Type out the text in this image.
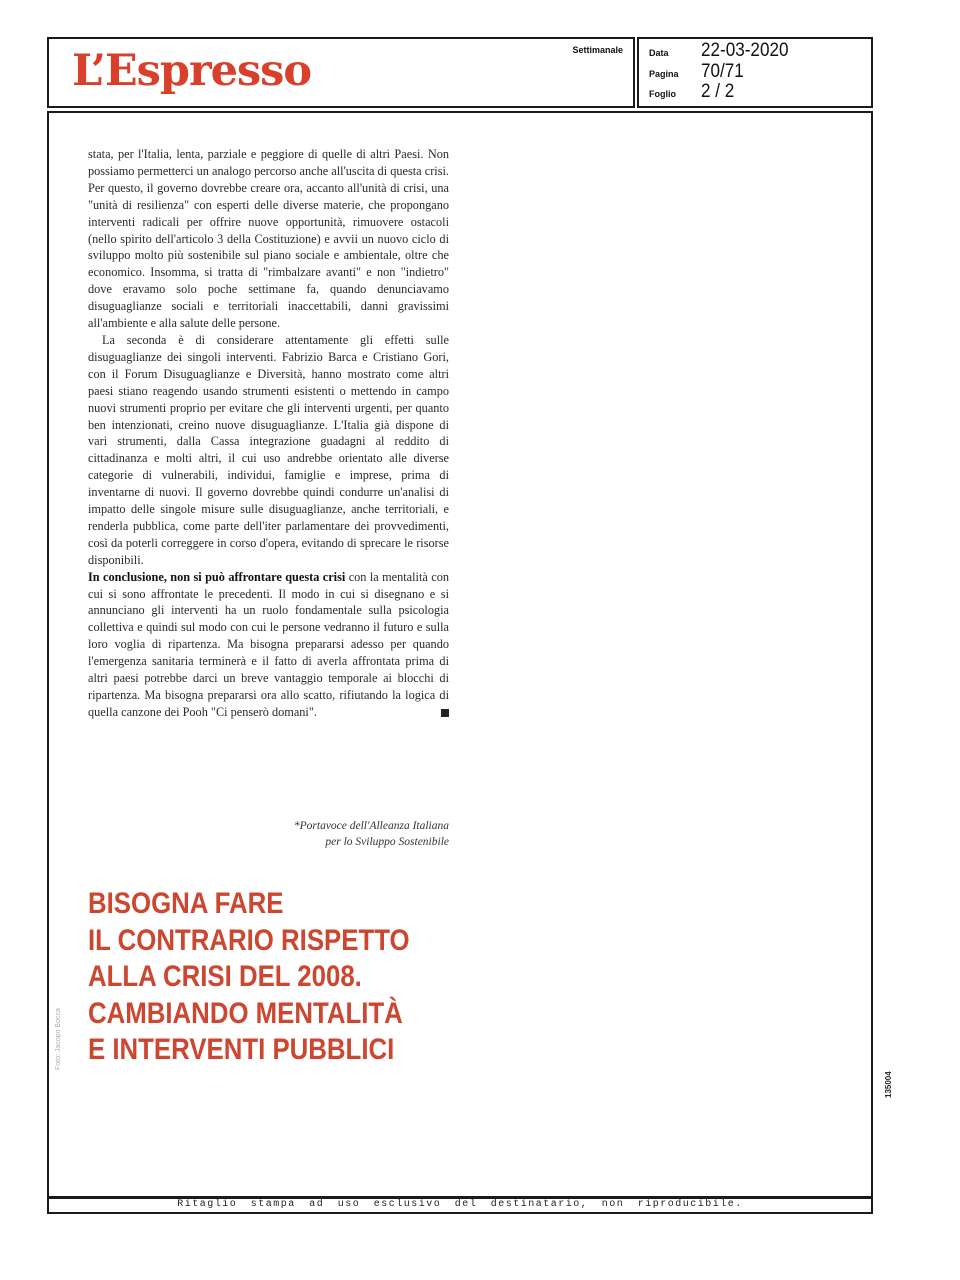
Settimanale
L’Espresso	Data	22-03-2020
Pagina	70/71
Foglio	2 / 2

stata, per l'Italia, lenta, parziale e peggiore di quelle di altri Paesi. Non possiamo permetterci un analogo percorso anche all'uscita di questa crisi. Per questo, il governo dovrebbe creare ora, accanto all'unità di crisi, una "unità di resilienza" con esperti delle diverse materie, che propongano interventi radicali per offrire nuove opportunità, rimuovere ostacoli (nello spirito dell'articolo 3 della Costituzione) e avvii un nuovo ciclo di sviluppo molto più sostenibile sul piano sociale e ambientale, oltre che economico. Insomma, si tratta di "rimbalzare avanti" e non "indietro" dove eravamo solo poche settimane fa, quando denunciavamo disuguaglianze sociali e territoriali inaccettabili, danni gravissimi all'ambiente e alla salute delle persone.

La seconda è di considerare attentamente gli effetti sulle disuguaglianze dei singoli interventi. Fabrizio Barca e Cristiano Gori, con il Forum Disuguaglianze e Diversità, hanno mostrato come altri paesi stiano reagendo usando strumenti esistenti o mettendo in campo nuovi strumenti proprio per evitare che gli interventi urgenti, per quanto ben intenzionati, creino nuove disuguaglianze. L'Italia già dispone di vari strumenti, dalla Cassa integrazione guadagni al reddito di cittadinanza e molti altri, il cui uso andrebbe orientato alle diverse categorie di vulnerabili, individui, famiglie e imprese, prima di inventarne di nuovi. Il governo dovrebbe quindi condurre un'analisi di impatto delle singole misure sulle disuguaglianze, anche territoriali, e renderla pubblica, come parte dell'iter parlamentare dei provvedimenti, così da poterli correggere in corso d'opera, evitando di sprecare le risorse disponibili.

In conclusione, non si può affrontare questa crisi con la mentalità con cui si sono affrontate le precedenti. Il modo in cui si disegnano e si annunciano gli interventi ha un ruolo fondamentale sulla psicologia collettiva e quindi sul modo con cui le persone vedranno il futuro e sulla loro voglia di ripartenza. Ma bisogna prepararsi adesso per quando l'emergenza sanitaria terminerà e il fatto di averla affrontata prima di altri paesi potrebbe darci un breve vantaggio temporale ai blocchi di ripartenza. Ma bisogna prepararsi ora allo scatto, rifiutando la logica di quella canzone dei Pooh "Ci penserò domani".

*Portavoce dell'Alleanza Italiana
per lo Sviluppo Sostenibile
BISOGNA FARE
IL CONTRARIO RISPETTO
ALLA CRISI DEL 2008.
CAMBIANDO MENTALITÀ
E INTERVENTI PUBBLICI
Foto: Jacopo Bocca
135004
Ritaglio stampa ad uso esclusivo del destinatario, non riproducibile.
